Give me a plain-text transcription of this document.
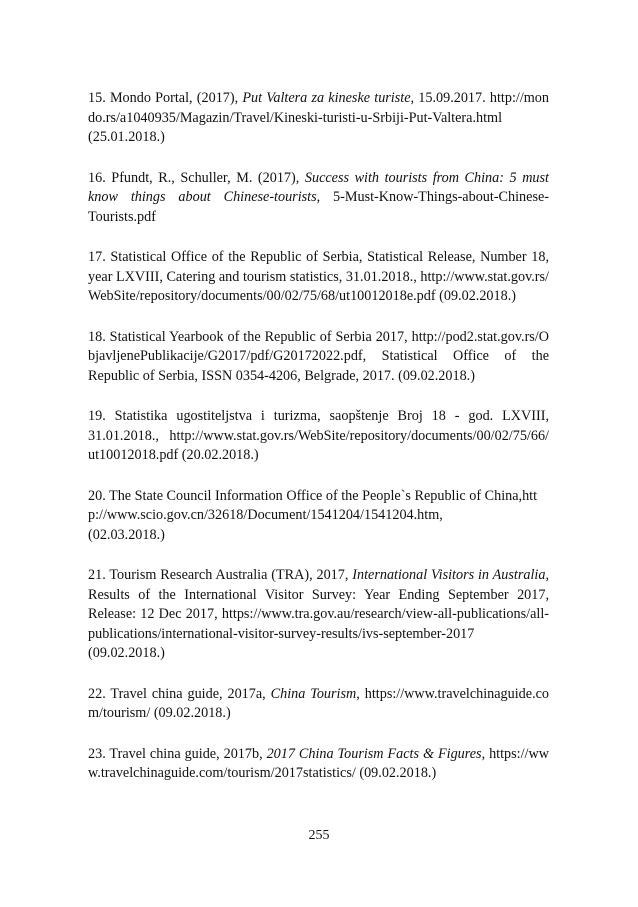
15. Mondo Portal, (2017), Put Valtera za kineske turiste, 15.09.2017. http://mondo.rs/a1040935/Magazin/Travel/Kineski-turisti-u-Srbiji-Put-Valtera.html (25.01.2018.)

16. Pfundt, R., Schuller, M. (2017), Success with tourists from China: 5 must know things about Chinese-tourists, 5-Must-Know-Things-about-Chinese-Tourists.pdf

17. Statistical Office of the Republic of Serbia, Statistical Release, Number 18, year LXVIII, Catering and tourism statistics, 31.01.2018., http://www.stat.gov.rs/WebSite/repository/documents/00/02/75/68/ut10012018e.pdf (09.02.2018.)

18. Statistical Yearbook of the Republic of Serbia 2017, http://pod2.stat.gov.rs/ObjavljenePublikacije/G2017/pdf/G20172022.pdf, Statistical Office of the Republic of Serbia, ISSN 0354-4206, Belgrade, 2017. (09.02.2018.)

19. Statistika ugostiteljstva i turizma, saopštenje Broj 18 - god. LXVIII, 31.01.2018., http://www.stat.gov.rs/WebSite/repository/documents/00/02/75/66/ut10012018.pdf (20.02.2018.)

20. The State Council Information Office of the People`s Republic of China,http://www.scio.gov.cn/32618/Document/1541204/1541204.htm,
(02.03.2018.)

21. Tourism Research Australia (TRA), 2017, International Visitors in Australia, Results of the International Visitor Survey: Year Ending September 2017, Release: 12 Dec 2017, https://www.tra.gov.au/research/view-all-publications/all-publications/international-visitor-survey-results/ivs-september-2017 (09.02.2018.)

22. Travel china guide, 2017a, China Tourism, https://www.travelchinaguide.com/tourism/ (09.02.2018.)

23. Travel china guide, 2017b, 2017 China Tourism Facts & Figures, https://www.travelchinaguide.com/tourism/2017statistics/ (09.02.2018.)

255
